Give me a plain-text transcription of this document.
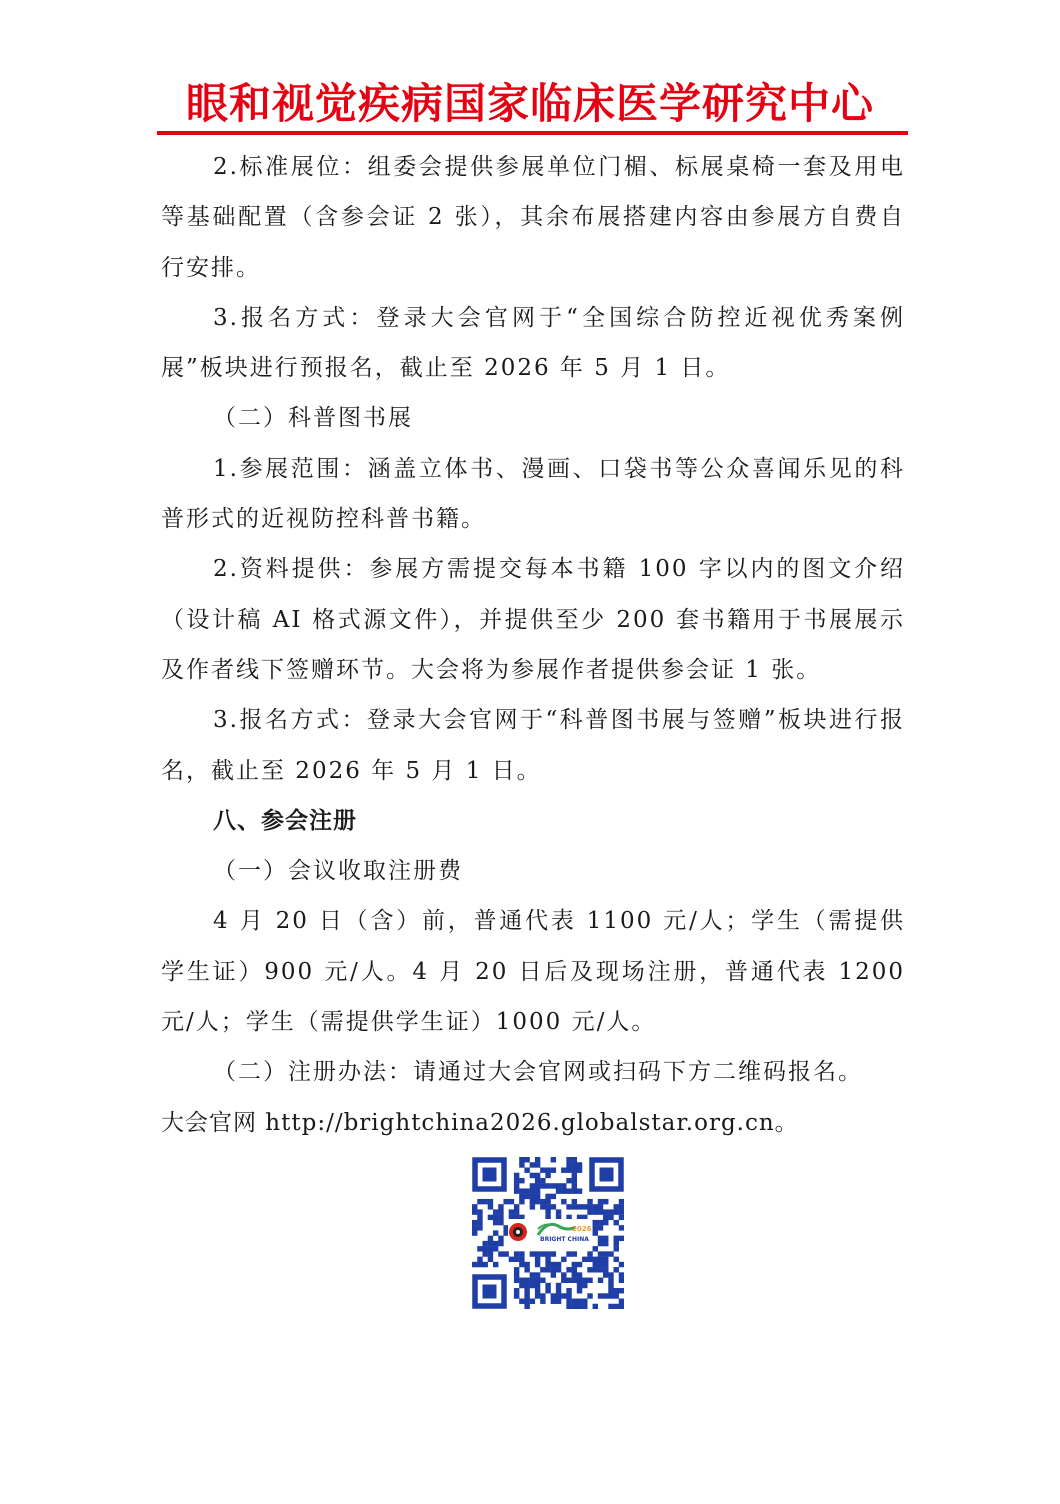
眼和视觉疾病国家临床医学研究中心

2.标准展位：组委会提供参展单位门楣、标展桌椅一套及用电等基础配置（含参会证 2 张），其余布展搭建内容由参展方自费自行安排。

3.报名方式：登录大会官网于“全国综合防控近视优秀案例展”板块进行预报名，截止至 2026 年 5 月 1 日。

（二）科普图书展

1.参展范围：涵盖立体书、漫画、口袋书等公众喜闻乐见的科普形式的近视防控科普书籍。

2.资料提供：参展方需提交每本书籍 100 字以内的图文介绍（设计稿 AI 格式源文件），并提供至少 200 套书籍用于书展展示及作者线下签赠环节。大会将为参展作者提供参会证 1 张。

3.报名方式：登录大会官网于“科普图书展与签赠”板块进行报名，截止至 2026 年 5 月 1 日。

八、参会注册

（一）会议收取注册费

4 月 20 日（含）前，普通代表 1100 元/人；学生（需提供学生证）900 元/人。4 月 20 日后及现场注册，普通代表 1200 元/人；学生（需提供学生证）1000 元/人。

（二）注册办法：请通过大会官网或扫码下方二维码报名。

大会官网 http://brightchina2026.globalstar.org.cn。

2026
BRIGHT CHINA
